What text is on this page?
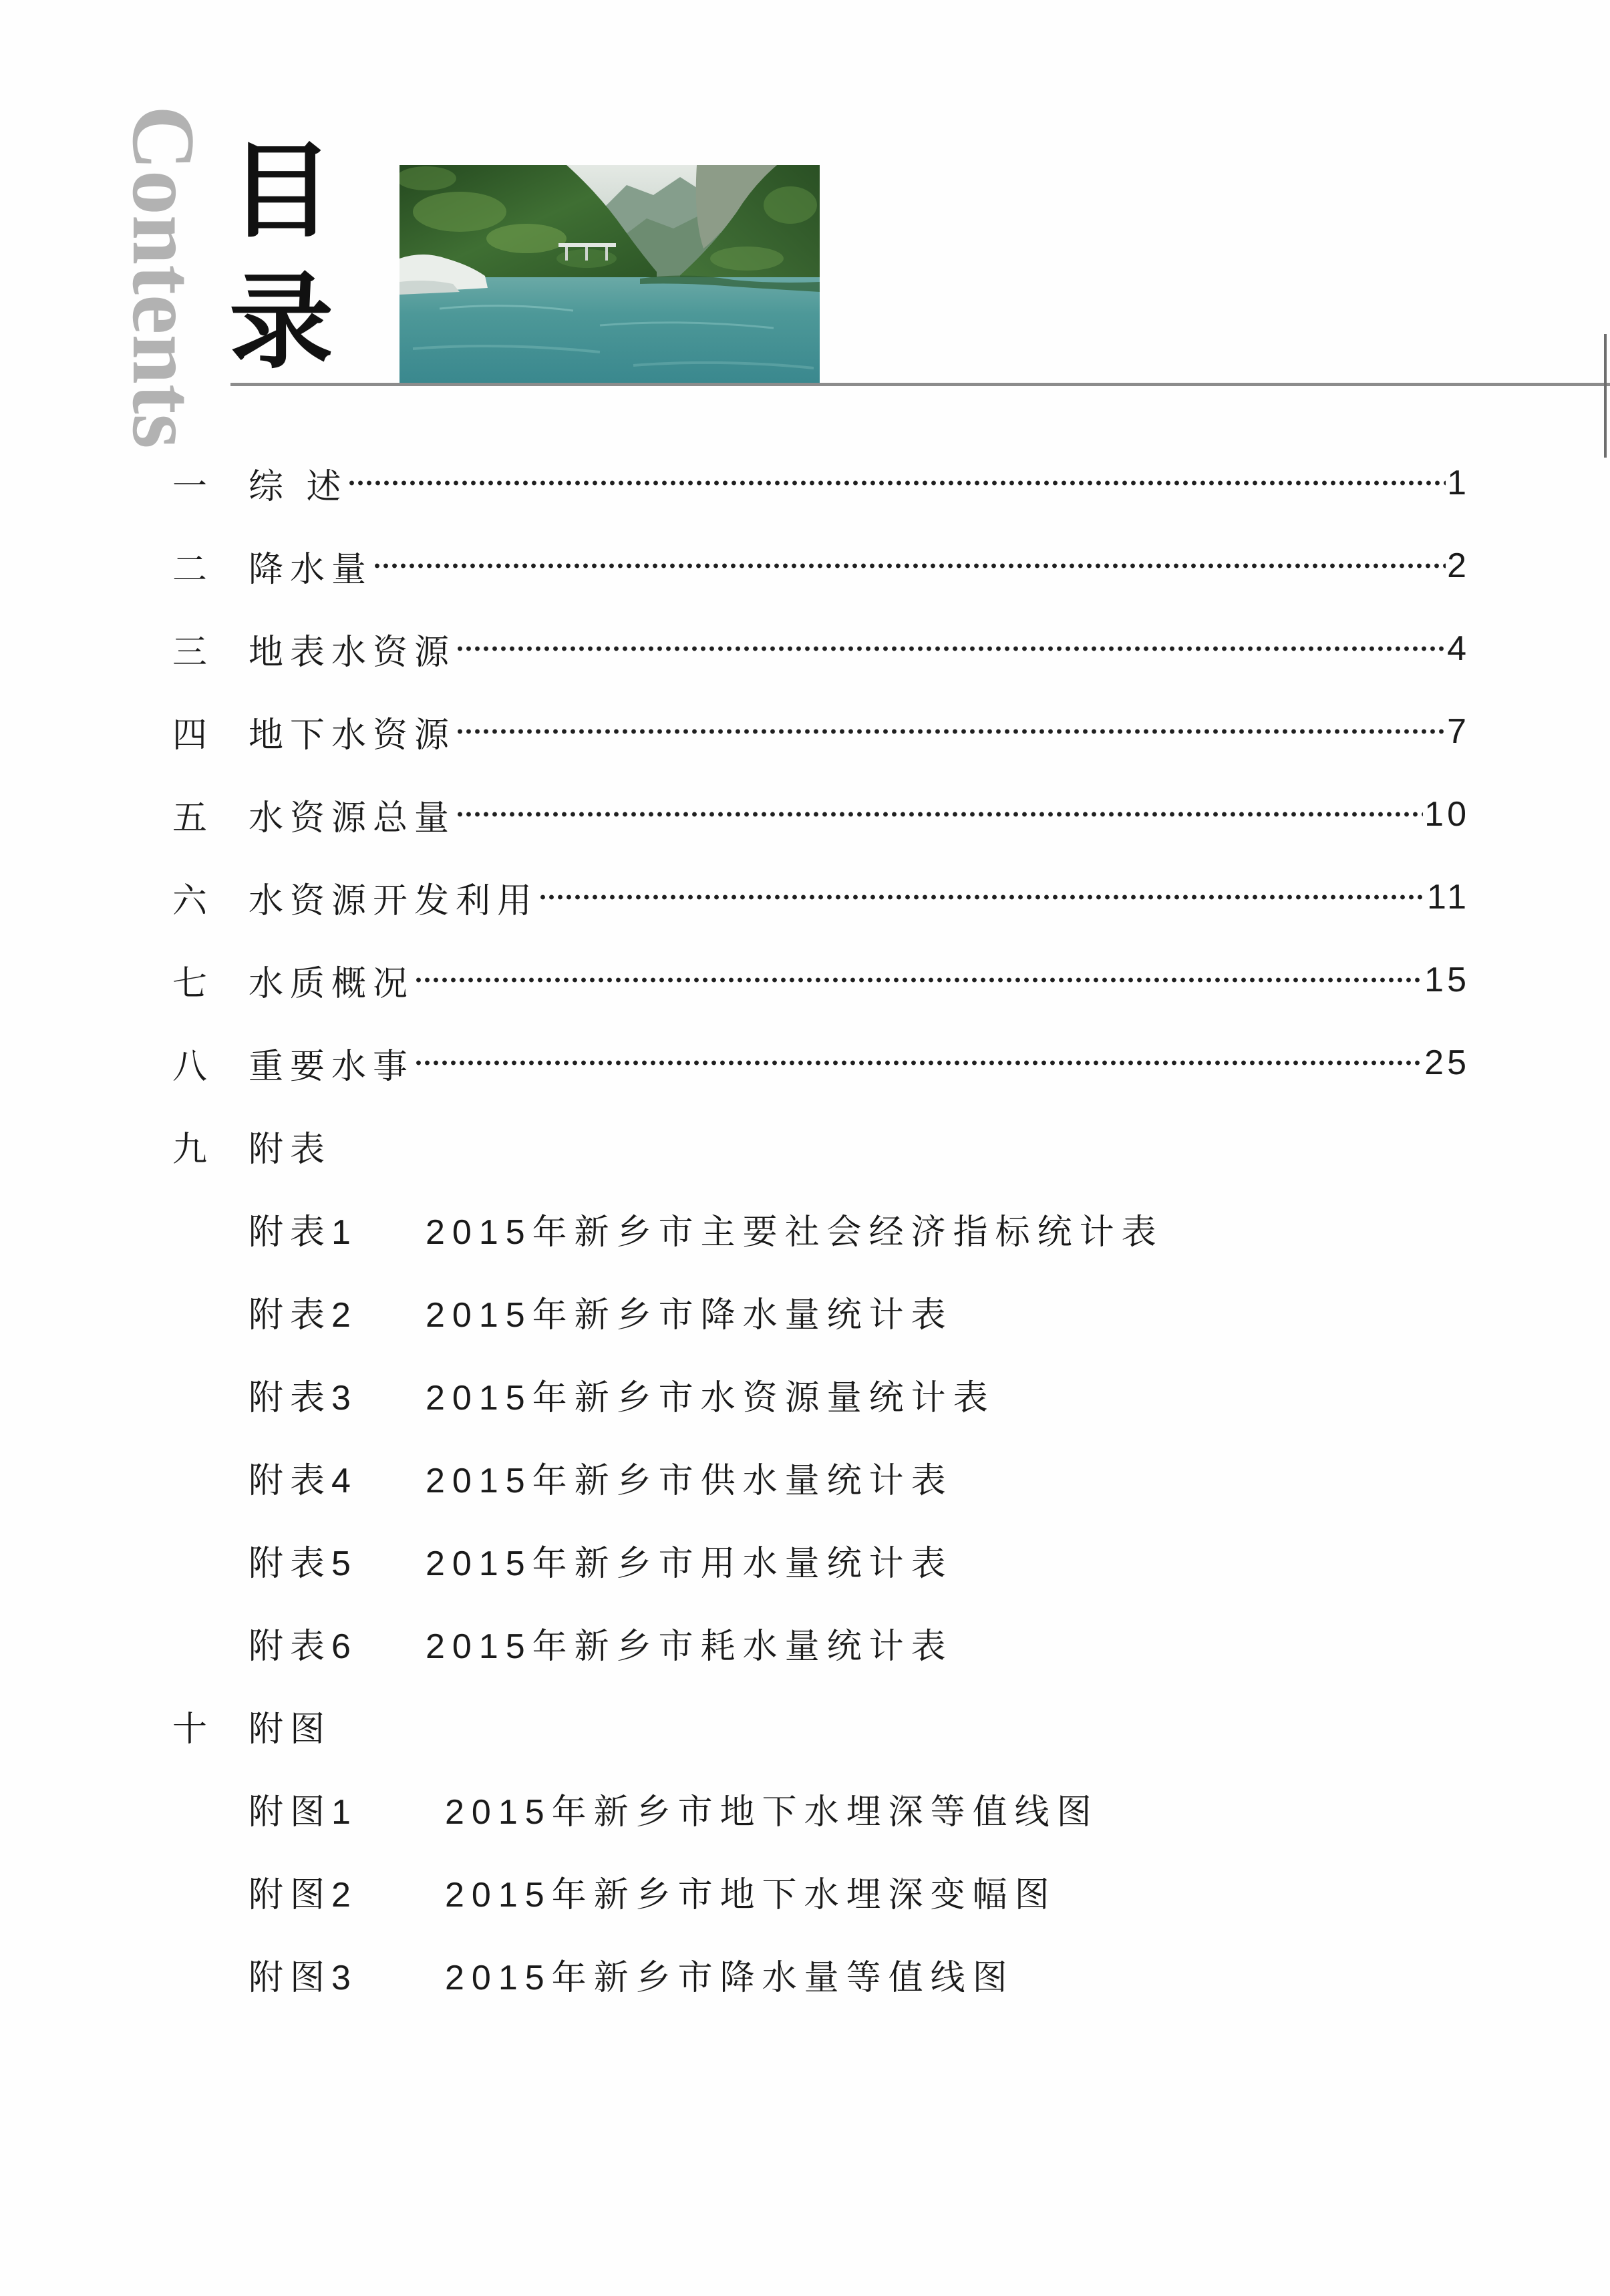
Contents 目
录
一 综 述	1
二 降水量	2
三 地表水资源	4
四 地下水资源	7
五 水资源总量	10
六 水资源开发利用	11
七 水质概况	15
八 重要水事	25
九 附表
附表1	2015年新乡市主要社会经济指标统计表
附表2	2015年新乡市降水量统计表
附表3	2015年新乡市水资源量统计表
附表4	2015年新乡市供水量统计表
附表5	2015年新乡市用水量统计表
附表6	2015年新乡市耗水量统计表
十 附图
附图1	2015年新乡市地下水埋深等值线图
附图2	2015年新乡市地下水埋深变幅图
附图3	2015年新乡市降水量等值线图
